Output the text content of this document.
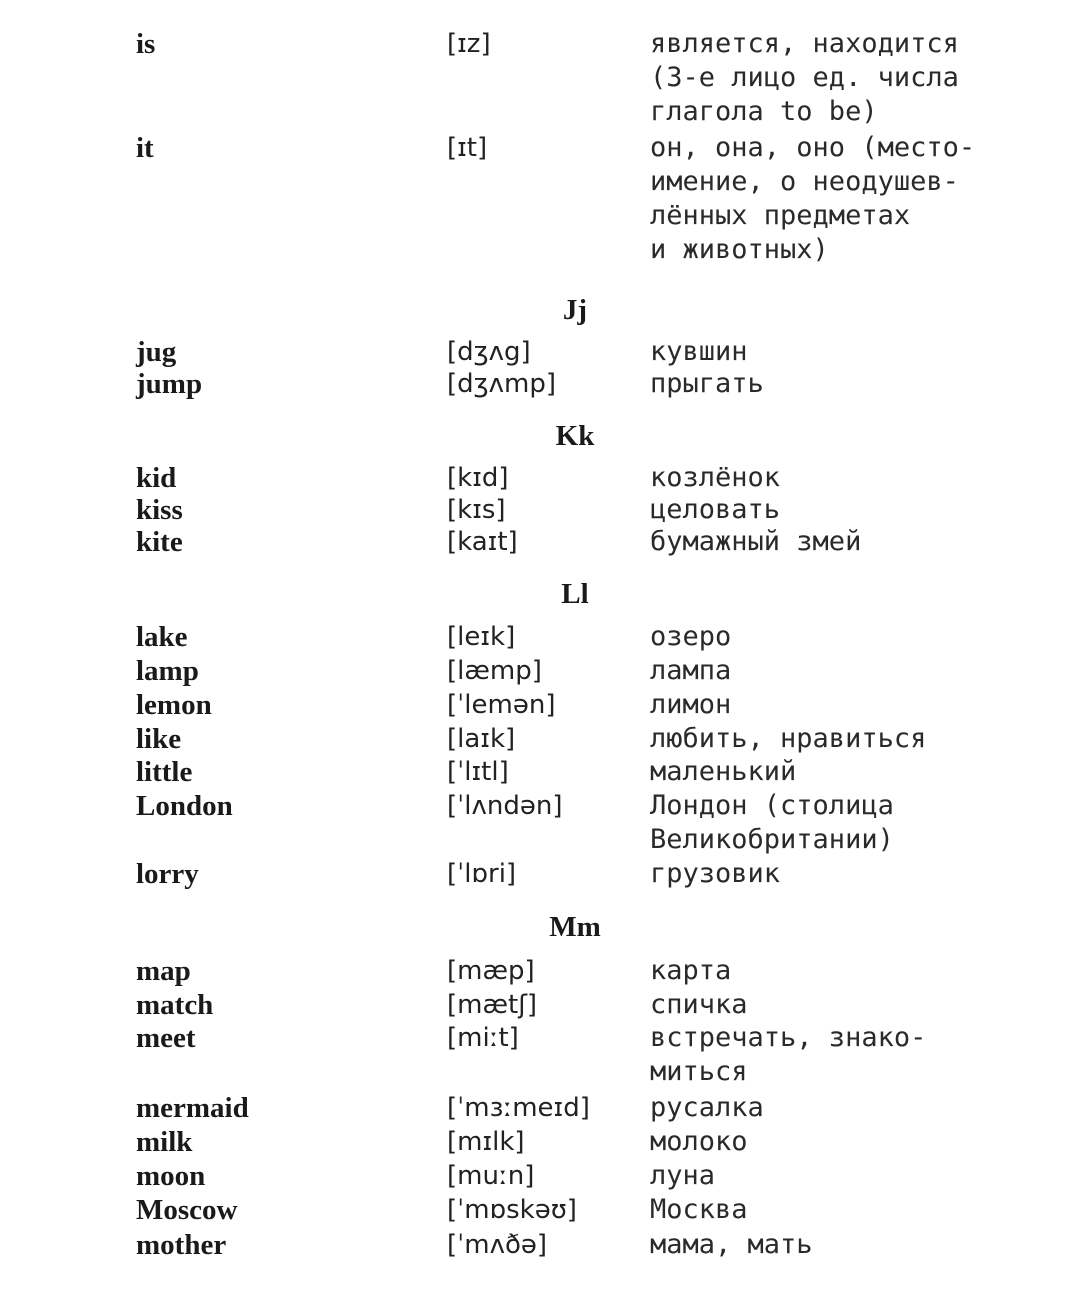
is	[ɪz]	является, находится
(3-е лицо ед. числа
глагола to be)
it	[ɪt]	он, она, оно (место-
имение, о неодушев-
лённых предметах
и животных)
Jj
jug	[dʒʌg]	кувшин
jump	[dʒʌmp]	прыгать
Kk
kid	[kɪd]	козлёнок
kiss	[kɪs]	целовать
kite	[kaɪt]	бумажный змей
Ll
lake	[leɪk]	озеро
lamp	[læmp]	лампа
lemon	[ˈlemən]	лимон
like	[laɪk]	любить, нравиться
little	[ˈlɪtl]	маленький
London	[ˈlʌndən]	Лондон (столица
Великобритании)
lorry	[ˈlɒri]	грузовик
Mm
map	[mæp]	карта
match	[mætʃ]	спичка
meet	[miːt]	встречать, знако-
миться
mermaid	[ˈmɜːmeɪd] русалка
milk	[mɪlk]	молоко
moon	[muːn]	луна
Moscow	[ˈmɒskəʊ]	Москва
mother	[ˈmʌðə]	мама, мать
